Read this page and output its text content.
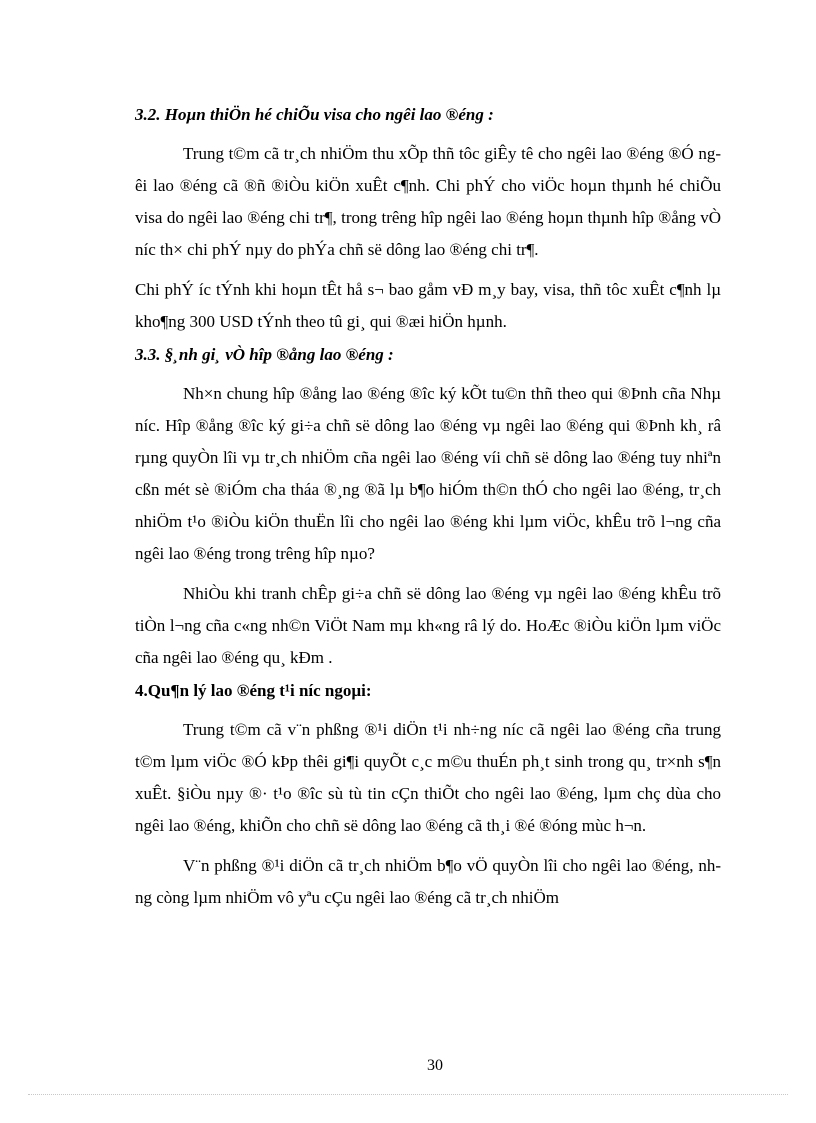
3.2. Hoµn thiÖn hé chiÕu visa cho ngêi lao ®éng :

Trung t©m cã tr¸ch nhiÖm thu xÕp thñ tôc giÊy tê cho ngêi lao ®éng ®Ó ngêi lao ®éng cã ®ñ ®iÒu kiÖn xuÊt c¶nh. Chi phÝ cho viÖc hoµn thµnh hé chiÕu visa do ngêi lao ®éng chi tr¶, trong trêng hîp ngêi lao ®éng hoµn thµnh hîp ®ång vÒ níc th× chi phÝ nµy do phÝa chñ së dông lao ®éng chi tr¶.

Chi phÝ íc tÝnh khi hoµn tÊt hå s¬ bao gåm vÐ m¸y bay, visa, thñ tôc xuÊt c¶nh lµ kho¶ng 300 USD tÝnh theo tû gi¸ qui ®æi hiÖn hµnh.

3.3. §¸nh gi¸ vÒ hîp ®ång lao ®éng :

Nh×n chung hîp ®ång lao ®éng ®îc ký kÕt tu©n thñ theo qui ®Þnh cña Nhµ níc. Hîp ®ång ®îc ký gi÷a chñ së dông lao ®éng vµ ngêi lao ®éng qui ®Þnh kh¸ râ rµng quyÒn lîi vµ tr¸ch nhiÖm cña ngêi lao ®éng víi chñ së dông lao ®éng tuy nhiªn cßn mét sè ®iÓm cha tháa ®¸ng ®ã lµ b¶o hiÓm th©n thÓ cho ngêi lao ®éng, tr¸ch nhiÖm t¹o ®iÒu kiÖn thuËn lîi cho ngêi lao ®éng khi lµm viÖc, khÊu trõ l¬ng cña ngêi lao ®éng trong trêng hîp nµo?

NhiÒu khi tranh chÊp gi÷a chñ së dông lao ®éng vµ ngêi lao ®éng khÊu trõ tiÒn l¬ng cña c«ng nh©n ViÖt Nam mµ kh«ng râ lý do. HoÆc ®iÒu kiÖn lµm viÖc cña ngêi lao ®éng qu¸ kÐm .

4.Qu¶n lý lao ®éng t¹i níc ngoµi:

Trung t©m cã v¨n phßng ®¹i diÖn t¹i nh÷ng níc cã ngêi lao ®éng cña trung t©m lµm viÖc ®Ó kÞp thêi gi¶i quyÕt c¸c m©u thuÉn ph¸t sinh trong qu¸ tr×nh s¶n xuÊt. §iÒu nµy ®· t¹o ®îc sù tù tin cÇn thiÕt cho ngêi lao ®éng, lµm chç dùa cho ngêi lao ®éng, khiÕn cho chñ së dông lao ®éng cã th¸i ®é ®óng mùc h¬n.

V¨n phßng ®¹i diÖn cã tr¸ch nhiÖm b¶o vÖ quyÒn lîi cho ngêi lao ®éng, nhng còng lµm nhiÖm vô yªu cÇu ngêi lao ®éng cã tr¸ch nhiÖm

30
